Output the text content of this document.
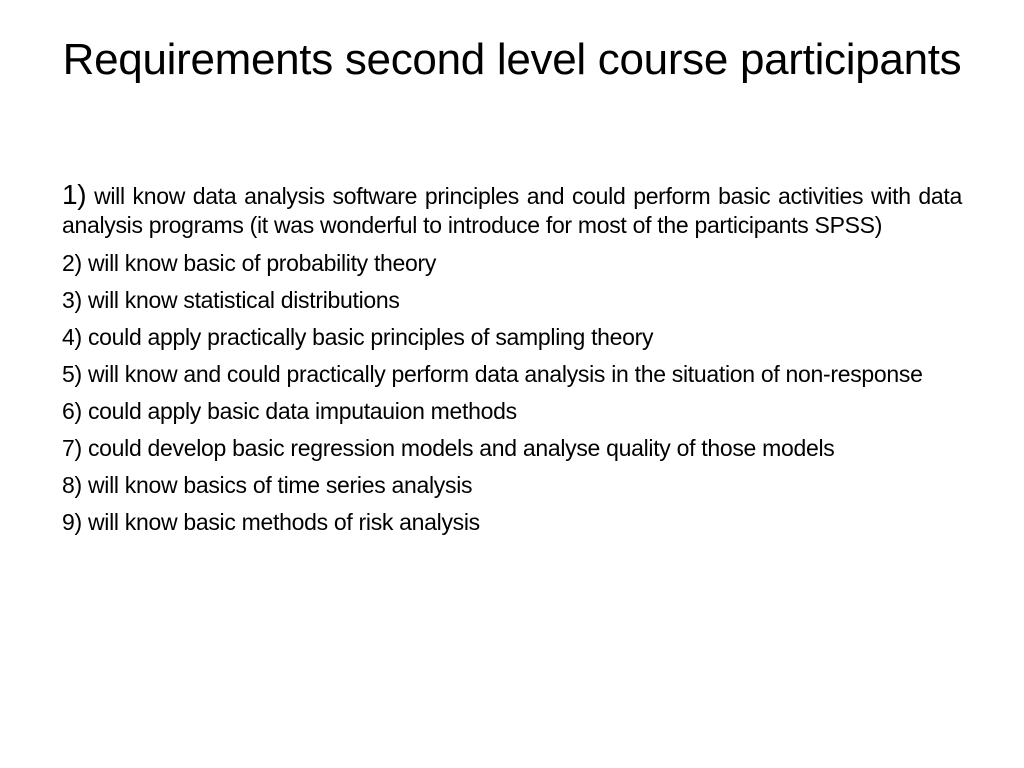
Requirements second level course participants
1) will know data analysis software principles and could perform basic activities with data analysis programs (it was wonderful to introduce for most of the participants SPSS)
2) will know basic of probability theory
3) will know statistical distributions
4) could apply practically basic principles of sampling theory
5) will know and could practically perform data analysis in the situation of non-response
6) could apply basic data imputauion methods
7) could develop basic regression models and analyse quality of those models
8) will know basics of time series analysis
9) will know basic methods of risk analysis
